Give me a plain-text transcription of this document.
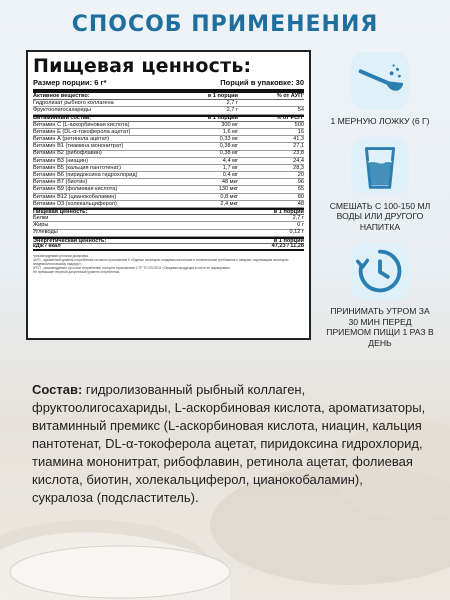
СПОСОБ ПРИМЕНЕНИЯ
Пищевая ценность:
Размер порции: 6 г*	Порций в упаковке: 30
Активное вещество:	в 1 порции	% от АУП¹
Гидролизат рыбного коллагена	2,7 г
Фруктоолигосахариды	2,7 г	54
Витаминный состав:	в 1 порции	% от РСП²
Витамин С (L-аскорбиновая кислота)	300 мг	500
Витамин Е (DL-α-токоферола ацетат)	1,6 мг	16
Витамин А (ретинола ацетат)	0,33 мг	41,3
Витамин В1 (тиамина мононитрат)	0,38 мг	27,1
Витамин В2 (рибофлавин)	0,38 мг	23,8
Витамин В3 (ниацин)	4,4 мг	24,4
Витамин В5 (кальция пантотенат)	1,7 мг	28,3
Витамин В6 (пиридоксина гидрохлорид)	0,4 мг	20
Витамин В7 (биотин)	48 мкг	96
Витамин В9 (фолиевая кислота)	130 мкг	65
Витамин В12 (цианокобаламин)	0,8 мкг	80
Витамин D3 (холекальциферол)	2,4 мкг	48
Пищевая ценность:	в 1 порции
Белки	2,7 г
Жиры	0 г
Углеводы	0,12 г
Энергетическая ценность:	в 1 порции
кДж / ккал	47,23 / 11,28
*рекомендуемая суточная дозировка.
¹АУП - адекватный уровень потребления согласно приложению 5 «Единые санитарно-эпидемиологические и гигиенические требования к товарам, подлежащим санитарно-эпидемиологическому надзору».
²РСП - рекомендуемое суточное потребление согласно приложению 2 ТР ТС 022/2011 «Пищевая продукция в части ее маркировки».
Не превышает верхний допустимый уровень потребления.
1 МЕРНУЮ ЛОЖКУ (6 Г)
СМЕШАТЬ С 100-150 МЛ ВОДЫ ИЛИ ДРУГОГО НАПИТКА
ПРИНИМАТЬ УТРОМ ЗА 30 МИН ПЕРЕД ПРИЕМОМ ПИЩИ 1 РАЗ В ДЕНЬ
Состав: гидролизованный рыбный коллаген, фруктоолигосахариды, L-аскорбиновая кислота, ароматизаторы, витаминный премикс (L-аскорбиновая кислота, ниацин, кальция пантотенат, DL-α-токоферола ацетат, пиридоксина гидрохлорид, тиамина мононитрат, рибофлавин, ретинола ацетат, фолиевая кислота, биотин, холекальциферол, цианокобаламин), сукралоза (подсластитель).
